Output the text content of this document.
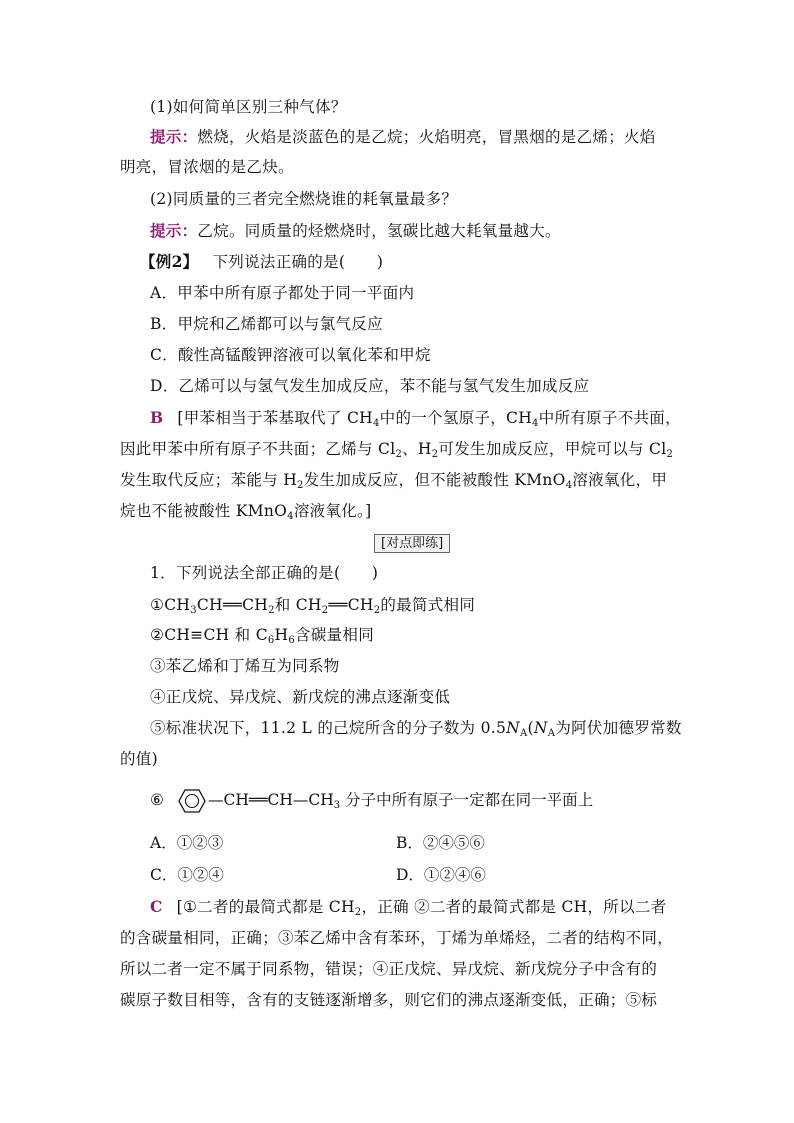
(1)如何简单区别三种气体？
提示：燃烧，火焰是淡蓝色的是乙烷；火焰明亮，冒黑烟的是乙烯；火焰
明亮，冒浓烟的是乙炔。
(2)同质量的三者完全燃烧谁的耗氧量最多？
提示：乙烷。同质量的烃燃烧时，氢碳比越大耗氧量越大。
【例2】 下列说法正确的是(　　)
A．甲苯中所有原子都处于同一平面内
B．甲烷和乙烯都可以与氯气反应
C．酸性高锰酸钾溶液可以氧化苯和甲烷
D．乙烯可以与氢气发生加成反应，苯不能与氢气发生加成反应
B [甲苯相当于苯基取代了 $CH_4$中的一个氢原子，$CH_4$中所有原子不共面，
因此甲苯中所有原子不共面；乙烯与 $Cl_2$、$H_2$可发生加成反应，甲烷可以与 $Cl_2$
发生取代反应；苯能与 $H_2$发生加成反应，但不能被酸性 KMnO$_4$溶液氧化，甲
烷也不能被酸性 KMnO$_4$溶液氧化。]
[对点即练]
1．下列说法全部正确的是(　　)
$①CH_3CH══CH_2$和 $CH_2══CH_2$的最简式相同
②CH≡CH 和 $C_6H_6$含碳量相同
③苯乙烯和丁烯互为同系物
④正戊烷、异戊烷、新戊烷的沸点逐渐变低
⑤标准状况下，11.2 L 的己烷所含的分子数为 $0.5N_A(N_A$为阿伏加德罗常数
的值)
⑥	$—CH══CH—CH_3$ 分子中所有原子一定都在同一平面上
A．①②③	B．②④⑤⑥
C．①②④	D．①②④⑥
C [①二者的最简式都是 $CH_2$，正确 ②二者的最简式都是 CH，所以二者
的含碳量相同，正确；③苯乙烯中含有苯环，丁烯为单烯烃，二者的结构不同，
所以二者一定不属于同系物，错误；④正戊烷、异戊烷、新戊烷分子中含有的
碳原子数目相等，含有的支链逐渐增多，则它们的沸点逐渐变低，正确；⑤标
